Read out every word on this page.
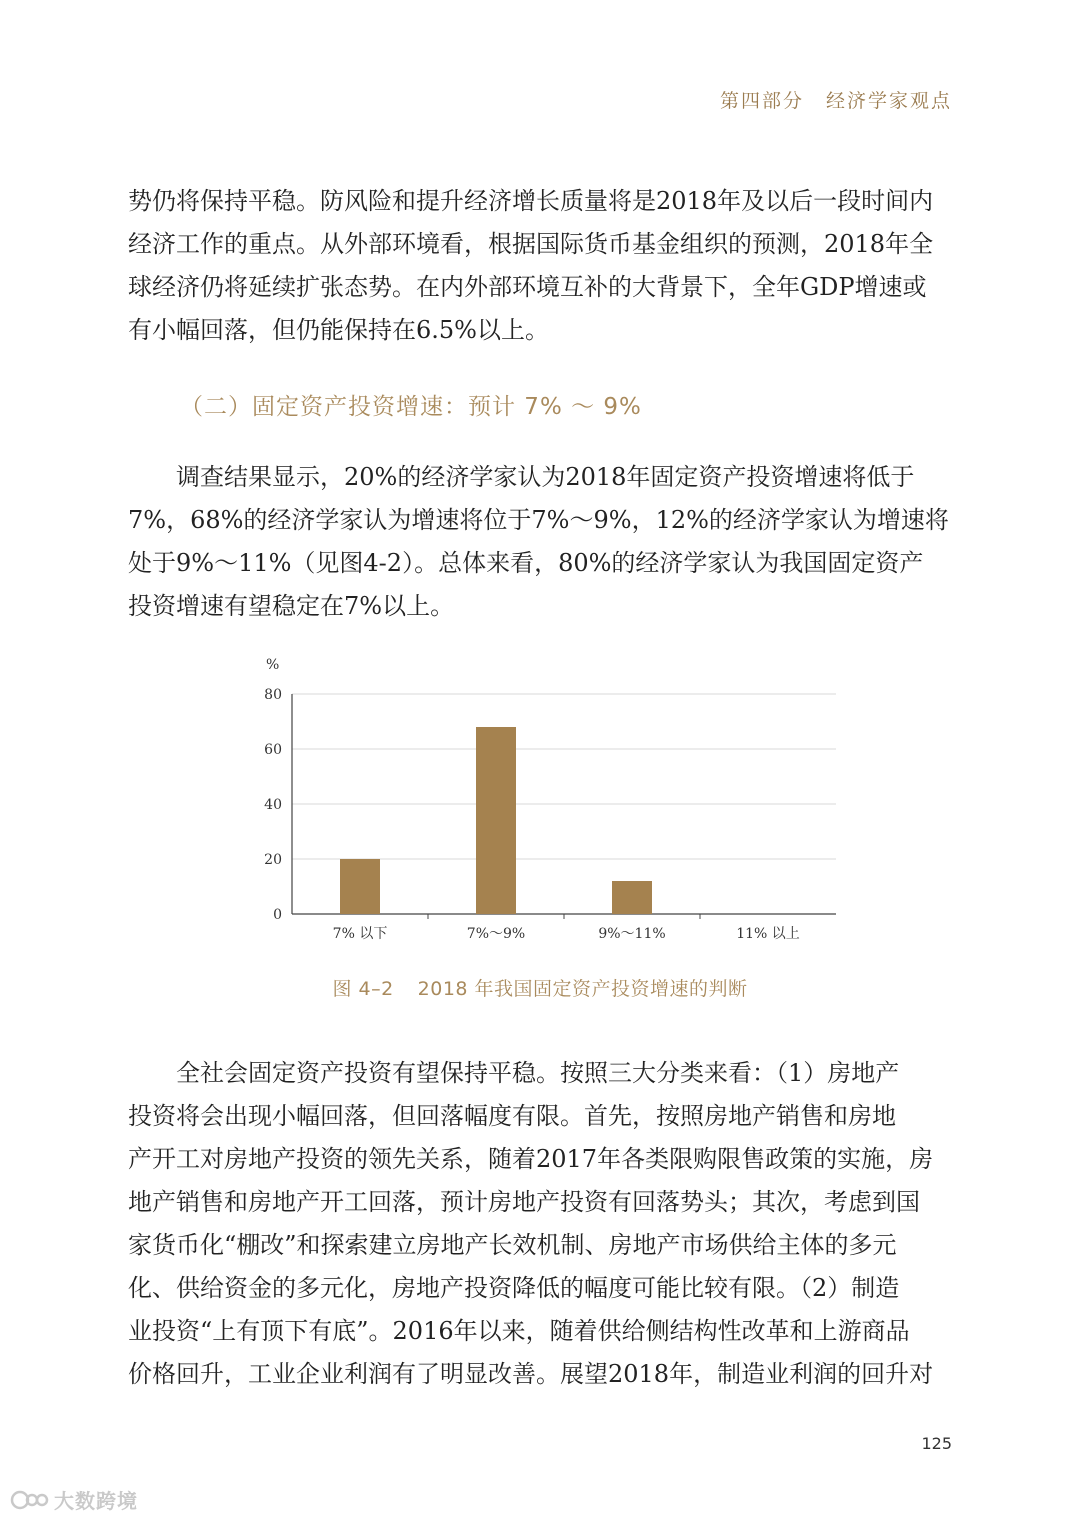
第四部分 经济学家观点

势仍将保持平稳。防风险和提升经济增长质量将是2018年及以后一段时间内
经济工作的重点。从外部环境看，根据国际货币基金组织的预测，2018年全
球经济仍将延续扩张态势。在内外部环境互补的大背景下，全年GDP增速或
有小幅回落，但仍能保持在6.5%以上。

（二）固定资产投资增速：预计 7% ～ 9%

调查结果显示，20%的经济学家认为2018年固定资产投资增速将低于
7%，68%的经济学家认为增速将位于7%～9%，12%的经济学家认为增速将
处于9%～11%（见图4-2）。总体来看，80%的经济学家认为我国固定资产
投资增速有望稳定在7%以上。

%
0
20
40
60
80
7% 以下	7%～9%	9%～11%	11% 以上
图 4–2 2018 年我国固定资产投资增速的判断

全社会固定资产投资有望保持平稳。按照三大分类来看：（1）房地产
投资将会出现小幅回落，但回落幅度有限。首先，按照房地产销售和房地
产开工对房地产投资的领先关系，随着2017年各类限购限售政策的实施，房
地产销售和房地产开工回落，预计房地产投资有回落势头；其次，考虑到国
家货币化“棚改”和探索建立房地产长效机制、房地产市场供给主体的多元
化、供给资金的多元化，房地产投资降低的幅度可能比较有限。（2）制造
业投资“上有顶下有底”。2016年以来，随着供给侧结构性改革和上游商品
价格回升，工业企业利润有了明显改善。展望2018年，制造业利润的回升对

125
大数跨境
